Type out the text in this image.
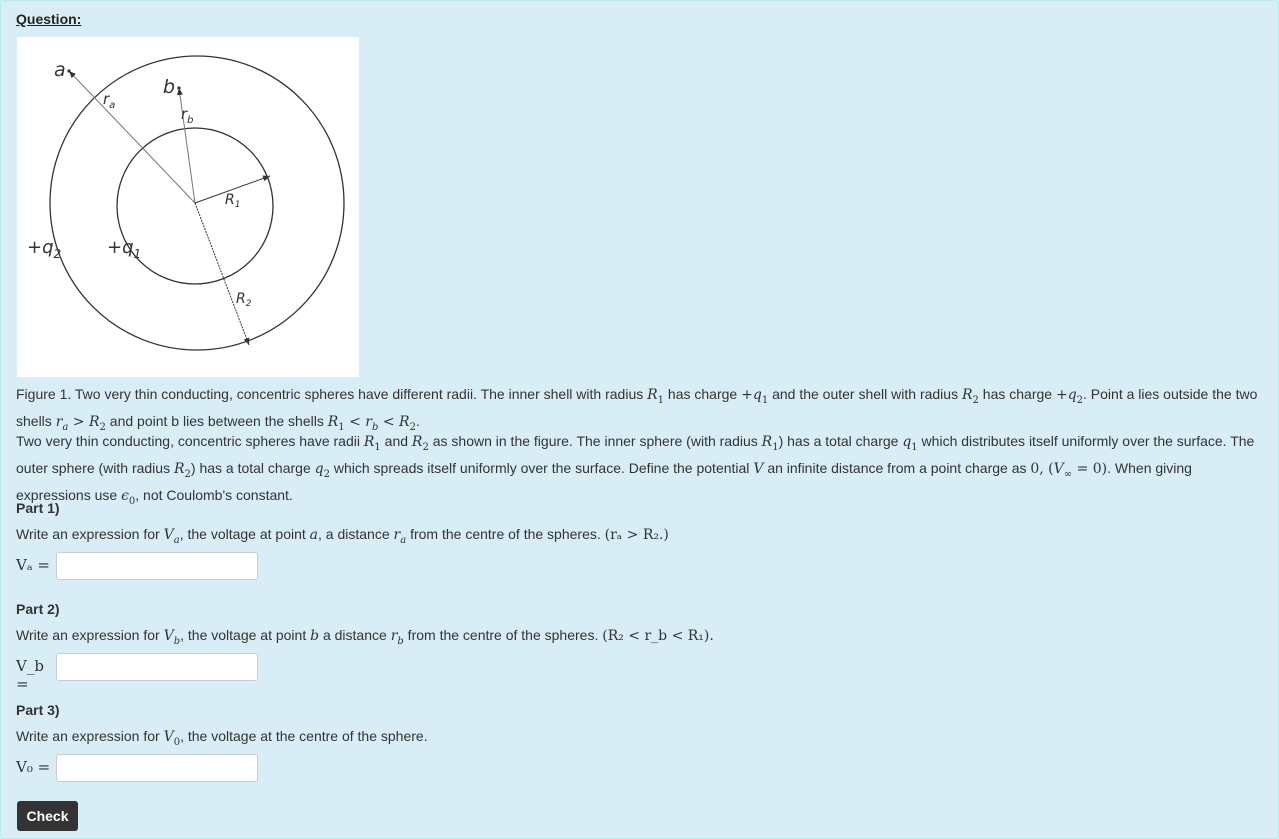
Question:
a
b
$r_a$	$r_b$
$R_1$
$R_2$
$+q_2$	$+q_1$
Figure 1. Two very thin conducting, concentric spheres have different radii. The inner shell with radius $R_1$ has charge $+q_1$ and the outer shell with radius $R_2$ has charge $+q_2$. Point a lies outside the two shells $r_a > R_2$ and point b lies between the shells $R_1 < r_b < R_2$.
Two very thin conducting, concentric spheres have radii $R_1$ and $R_2$ as shown in the figure. The inner sphere (with radius $R_1$) has a total charge $q_1$ which distributes itself uniformly over the surface. The outer sphere (with radius $R_2$) has a total charge $q_2$ which spreads itself uniformly over the surface. Define the potential V an infinite distance from a point charge as 0, $(V_\infty = 0)$. When giving expressions use $\epsilon_0$, not Coulomb's constant.
Part 1)
Write an expression for $V_a$, the voltage at point a, a distance $r_a$ from the centre of the spheres. (rₐ > R₂.)
Vₐ =
Part 2)
Write an expression for $V_b$, the voltage at point b a distance $r_b$ from the centre of the spheres. (R₂ < r_b < R₁).
V_b =
Part 3)
Write an expression for $V_0$, the voltage at the centre of the sphere.
V₀ =
Check
